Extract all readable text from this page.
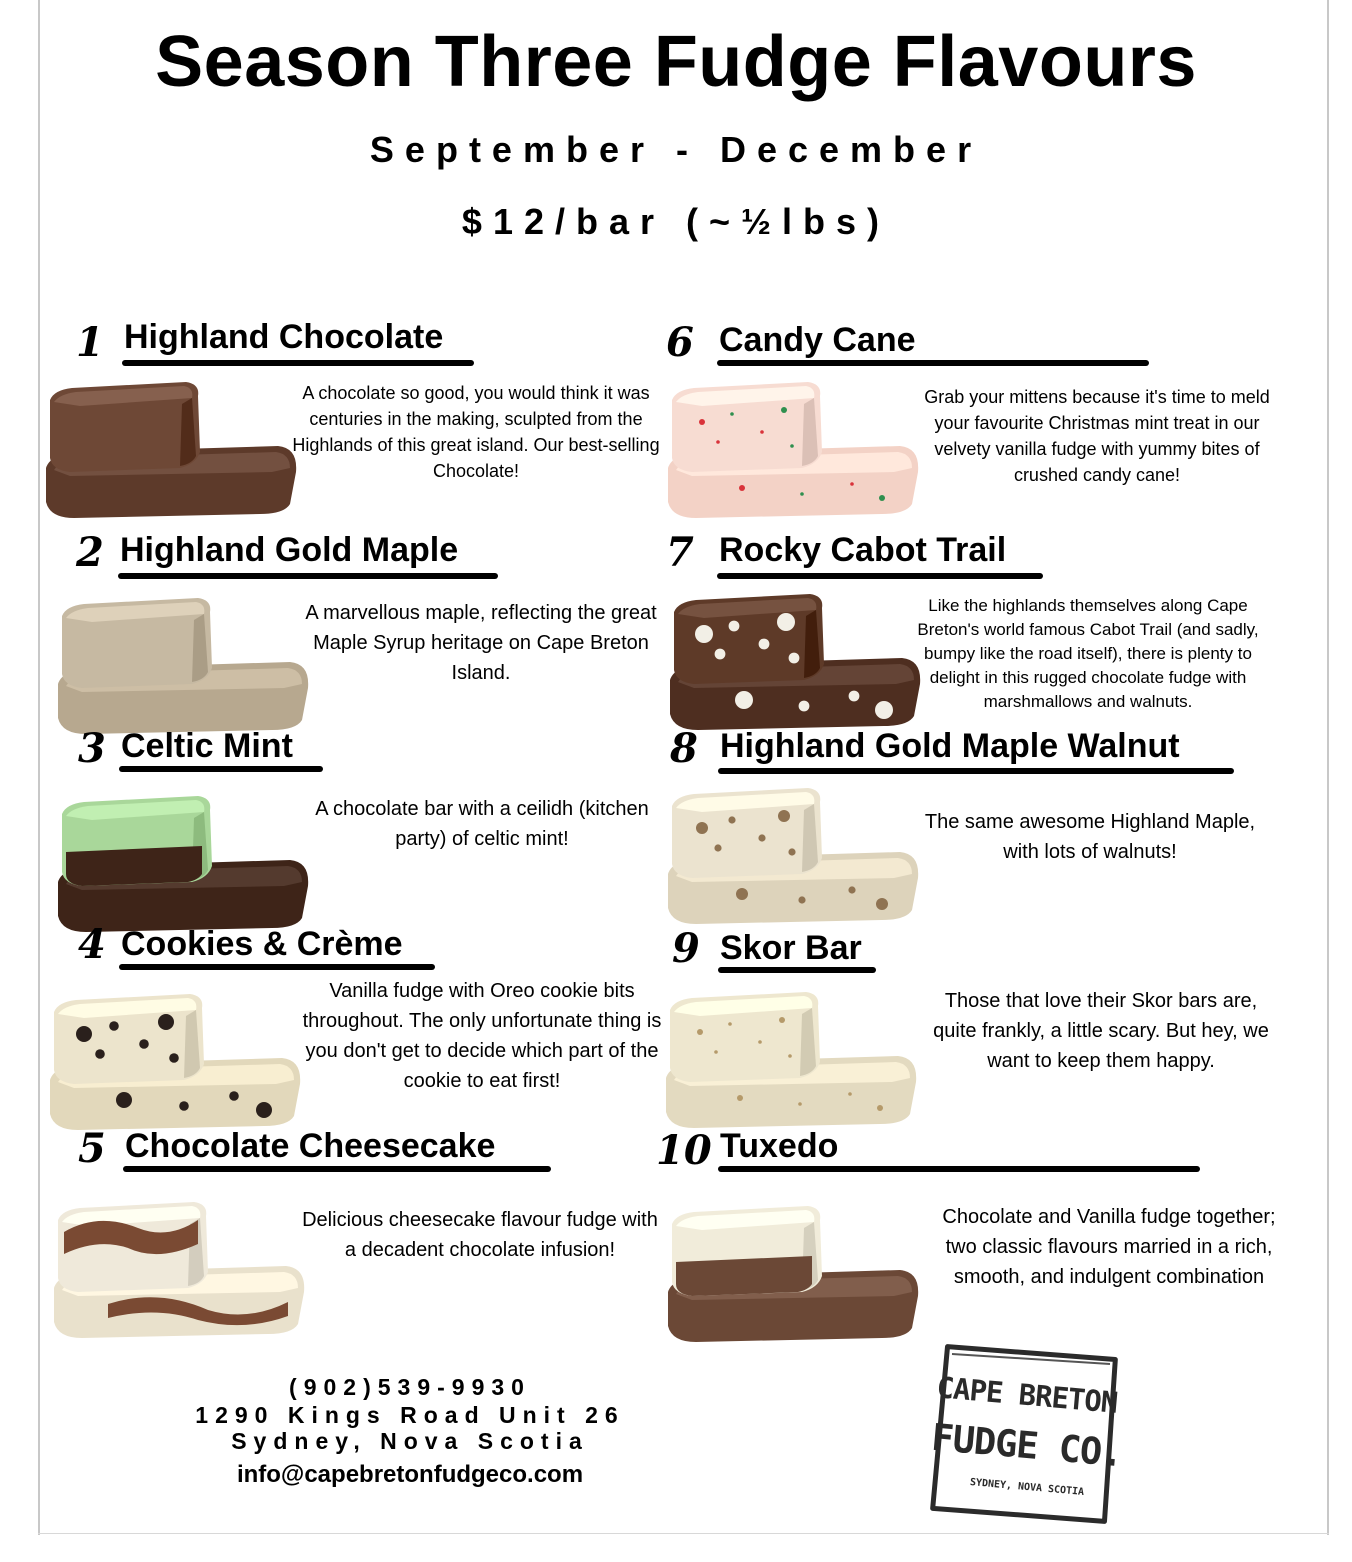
Season Three Fudge Flavours
September - December
$12/bar (~½lbs)
1 Highland Chocolate
A chocolate so good, you would think it was centuries in the making, sculpted from the Highlands of this great island. Our best-selling Chocolate!
2 Highland Gold Maple
A marvellous maple, reflecting the great Maple Syrup heritage on Cape Breton Island.
3 Celtic Mint
A chocolate bar with a ceilidh (kitchen party) of celtic mint!
4 Cookies & Crème
Vanilla fudge with Oreo cookie bits throughout. The only unfortunate thing is you don't get to decide which part of the cookie to eat first!
5 Chocolate Cheesecake
Delicious cheesecake flavour fudge with a decadent chocolate infusion!
6 Candy Cane
Grab your mittens because it's time to meld your favourite Christmas mint treat in our velvety vanilla fudge with yummy bites of crushed candy cane!
7 Rocky Cabot Trail
Like the highlands themselves along Cape Breton's world famous Cabot Trail (and sadly, bumpy like the road itself), there is plenty to delight in this rugged chocolate fudge with marshmallows and walnuts.
8 Highland Gold Maple Walnut
The same awesome Highland Maple, with lots of walnuts!
9 Skor Bar
Those that love their Skor bars are, quite frankly, a little scary. But hey, we want to keep them happy.
10 Tuxedo
Chocolate and Vanilla fudge together; two classic flavours married in a rich, smooth, and indulgent combination
(902)539-9930
1290 Kings Road Unit 26
Sydney, Nova Scotia
info@capebretonfudgeco.com
CAPE BRETON
FUDGE CO.
SYDNEY, NOVA SCOTIA
